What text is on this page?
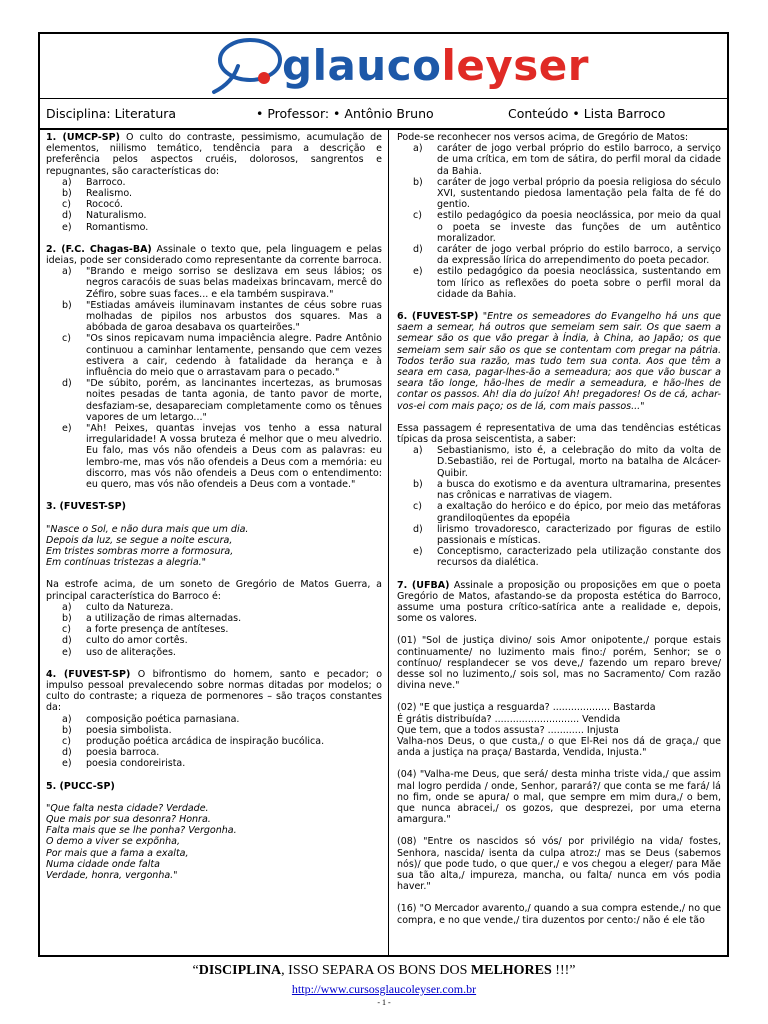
glaucoleyser
Disciplina: Literatura	• Professor: • Antônio Bruno	Conteúdo • Lista Barroco

1. (UMCP-SP) O culto do contraste, pessimismo, acumulação de elementos, niilismo temático, tendência para a descrição e preferência pelos aspectos cruéis, dolorosos, sangrentos e repugnantes, são características do:

a) Barroco.
b) Realismo.
c) Rococó.
d) Naturalismo.
e) Romantismo.

2. (F.C. Chagas-BA) Assinale o texto que, pela linguagem e pelas ideias, pode ser considerado como representante da corrente barroca.

a) "Brando e meigo sorriso se deslizava em seus lábios; os negros caracóis de suas belas madeixas brincavam, mercê do Zéfiro, sobre suas faces... e ela também suspirava."
b) "Estiadas amáveis iluminavam instantes de céus sobre ruas molhadas de pipilos nos arbustos dos squares. Mas a abóbada de garoa desabava os quarteirões."
c) "Os sinos repicavam numa impaciência alegre. Padre Antônio continuou a caminhar lentamente, pensando que cem vezes estivera a cair, cedendo à fatalidade da herança e à influência do meio que o arrastavam para o pecado."
d) "De súbito, porém, as lancinantes incertezas, as brumosas noites pesadas de tanta agonia, de tanto pavor de morte, desfaziam-se, desapareciam completamente como os tênues vapores de um letargo..."
e) "Ah! Peixes, quantas invejas vos tenho a essa natural irregularidade! A vossa bruteza é melhor que o meu alvedrio. Eu falo, mas vós não ofendeis a Deus com as palavras: eu lembro-me, mas vós não ofendeis a Deus com a memória: eu discorro, mas vós não ofendeis a Deus com o entendimento: eu quero, mas vós não ofendeis a Deus com a vontade."

3. (FUVEST-SP)

"Nasce o Sol, e não dura mais que um dia.
Depois da luz, se segue a noite escura,
Em tristes sombras morre a formosura,
Em contínuas tristezas a alegria."

Na estrofe acima, de um soneto de Gregório de Matos Guerra, a principal característica do Barroco é:

a) culto da Natureza.
b) a utilização de rimas alternadas.
c) a forte presença de antíteses.
d) culto do amor cortês.
e) uso de aliterações.

4. (FUVEST-SP) O bifrontismo do homem, santo e pecador; o impulso pessoal prevalecendo sobre normas ditadas por modelos; o culto do contraste; a riqueza de pormenores – são traços constantes da:

a) composição poética parnasiana.
b) poesia simbolista.
c) produção poética arcádica de inspiração bucólica.
d) poesia barroca.
e) poesia condoreirista.

5. (PUCC-SP)

"Que falta nesta cidade? Verdade.
Que mais por sua desonra? Honra.
Falta mais que se lhe ponha? Vergonha.
O demo a viver se expõnha,
Por mais que a fama a exalta,
Numa cidade onde falta
Verdade, honra, vergonha."

Pode-se reconhecer nos versos acima, de Gregório de Matos:

a) caráter de jogo verbal próprio do estilo barroco, a serviço de uma crítica, em tom de sátira, do perfil moral da cidade da Bahia.
b) caráter de jogo verbal próprio da poesia religiosa do século XVI, sustentando piedosa lamentação pela falta de fé do gentio.
c) estilo pedagógico da poesia neoclássica, por meio da qual o poeta se investe das funções de um autêntico moralizador.
d) caráter de jogo verbal próprio do estilo barroco, a serviço da expressão lírica do arrependimento do poeta pecador.
e) estilo pedagógico da poesia neoclássica, sustentando em tom lírico as reflexões do poeta sobre o perfil moral da cidade da Bahia.

6. (FUVEST-SP) "Entre os semeadores do Evangelho há uns que saem a semear, há outros que semeiam sem sair. Os que saem a semear são os que vão pregar à Índia, à China, ao Japão; os que semeiam sem sair são os que se contentam com pregar na pátria. Todos terão sua razão, mas tudo tem sua conta. Aos que têm a seara em casa, pagar-lhes-ão a semeadura; aos que vão buscar a seara tão longe, hão-lhes de medir a semeadura, e hão-lhes de contar os passos. Ah! dia do juízo! Ah! pregadores! Os de cá, achar-vos-ei com mais paço; os de lá, com mais passos..."

Essa passagem é representativa de uma das tendências estéticas típicas da prosa seiscentista, a saber:

a) Sebastianismo, isto é, a celebração do mito da volta de D.Sebastião, rei de Portugal, morto na batalha de Alcácer-Quibir.
b) a busca do exotismo e da aventura ultramarina, presentes nas crônicas e narrativas de viagem.
c) a exaltação do heróico e do épico, por meio das metáforas grandiloqüentes da epopéia
d) lirismo trovadoresco, caracterizado por figuras de estilo passionais e místicas.
e) Conceptismo, caracterizado pela utilização constante dos recursos da dialética.

7. (UFBA) Assinale a proposição ou proposições em que o poeta Gregório de Matos, afastando-se da proposta estética do Barroco, assume uma postura crítico-satírica ante a realidade e, depois, some os valores.

(01) "Sol de justiça divino/ sois Amor onipotente,/ porque estais continuamente/ no luzimento mais fino:/ porém, Senhor; se o contínuo/ resplandecer se vos deve,/ fazendo um reparo breve/ desse sol no luzimento,/ sois sol, mas no Sacramento/ Com razão divina neve."

(02) "E que justiça a resguarda? ................... Bastarda
É grátis distribuída? ............................ Vendida
Que tem, que a todos assusta? ............ Injusta

Valha-nos Deus, o que custa,/ o que El-Rei nos dá de graça,/ que anda a justiça na praça/ Bastarda, Vendida, Injusta."

(04) "Valha-me Deus, que será/ desta minha triste vida,/ que assim mal logro perdida / onde, Senhor, parará?/ que conta se me fará/ lá no fim, onde se apura/ o mal, que sempre em mim dura,/ o bem, que nunca abracei,/ os gozos, que desprezei, por uma eterna amargura."

(08) "Entre os nascidos só vós/ por privilégio na vida/ fostes, Senhora, nascida/ isenta da culpa atroz:/ mas se Deus (sabemos nós)/ que pode tudo, o que quer,/ e vos chegou a eleger/ para Mãe sua tão alta,/ impureza, mancha, ou falta/ nunca em vós podia haver."

(16) "O Mercador avarento,/ quando a sua compra estende,/ no que compra, e no que vende,/ tira duzentos por cento:/ não é ele tão

“DISCIPLINA, ISSO SEPARA OS BONS DOS MELHORES !!!”
http://www.cursosglaucoleyser.com.br
- 1 -
